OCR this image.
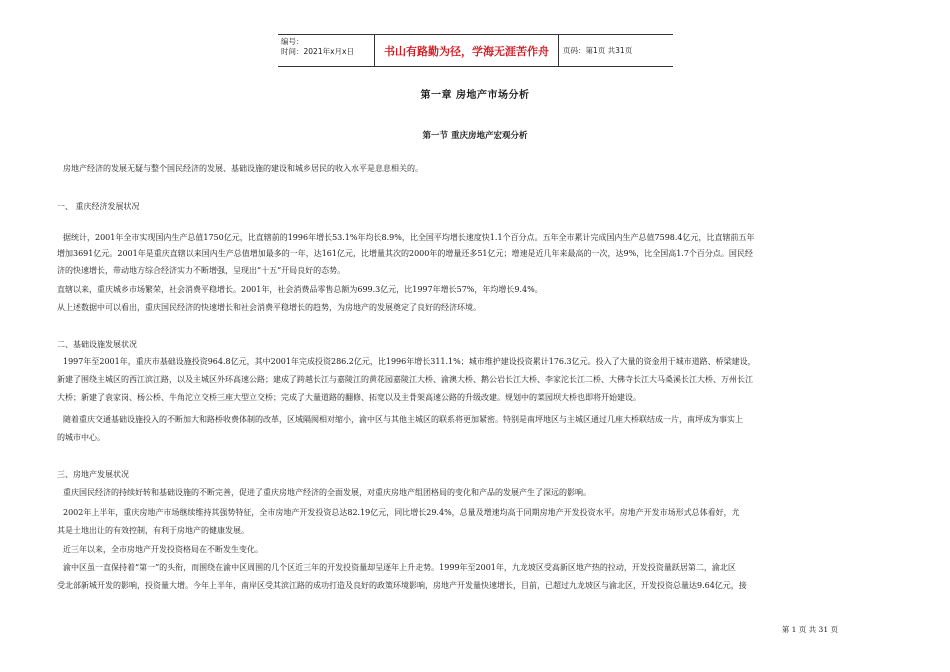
编号：
时间：2021年x月x日	书山有路勤为径，学海无涯苦作舟	页码：第1页 共31页
第一章 房地产市场分析
第一节 重庆房地产宏观分析
房地产经济的发展无疑与整个国民经济的发展、基础设施的建设和城乡居民的收入水平是息息相关的。
一、 重庆经济发展状况
据统计，2001年全市实现国内生产总值1750亿元，比直辖前的1996年增长53.1%年均长8.9%，比全国平均增长速度快1.1个百分点。五年全市累计完成国内生产总值7598.4亿元，比直辖前五年
增加3691亿元。2001年是重庆直辖以来国内生产总值增加最多的一年，达161亿元，比增量其次的2000年的增量还多51亿元；增速是近几年来最高的一次，达9%，比全国高1.7个百分点。国民经
济的快速增长，带动地方综合经济实力不断增强，呈现出“十五”开局良好的态势。
直辖以来，重庆城乡市场繁荣，社会消费平稳增长。2001年，社会消费品零售总额为699.3亿元，比1997年增长57%，年均增长9.4%。
从上述数据中可以看出，重庆国民经济的快速增长和社会消费平稳增长的趋势，为房地产的发展奠定了良好的经济环境。
二、基础设施发展状况
1997年至2001年，重庆市基础设施投资964.8亿元，其中2001年完成投资286.2亿元，比1996年增长311.1%；城市维护建设投资累计176.3亿元。投入了大量的资金用于城市道路、桥梁建设，
新建了围绕主城区的西江滨江路，以及主城区外环高速公路；建成了跨越长江与嘉陵江的黄花园嘉陵江大桥、渝澳大桥、鹅公岩长江大桥、李家沱长江二桥、大佛寺长江大马桑溪长江大桥、万州长江
大桥；新建了袁家岗、杨公桥、牛角沱立交桥三座大型立交桥；完成了大量道路的翻修、拓宽以及主骨架高速公路的升级改建。规划中的菜园坝大桥也即将开始建设。
随着重庆交通基础设施投入的不断加大和路桥收费体制的改革，区域隔阂相对缩小，渝中区与其他主城区的联系将更加紧密。特别是南坪地区与主城区通过几座大桥联结成一片，南坪成为事实上
的城市中心。
三、房地产发展状况
重庆国民经济的持续好转和基础设施的不断完善，促进了重庆房地产经济的全面发展，对重庆房地产组团格局的变化和产品的发展产生了深远的影响。
2002年上半年，重庆房地产市场继续维持其强势特征，全市房地产开发投资总达82.19亿元，同比增长29.4%，总量及增速均高于同期房地产开发投资水平。房地产开发市场形式总体看好，尤
其是土地出让的有效控制，有利于房地产的健康发展。
近三年以来，全市房地产开发投资格局在不断发生变化。
渝中区虽一直保持着“第一”的头衔，而围绕在渝中区周围的几个区近三年的开发投资量却呈逐年上升走势。1999年至2001年，九龙坡区受高新区地产热的拉动，开发投资量跃居第二，渝北区
受北部新城开发的影响，投资量大增。今年上半年，南岸区受其滨江路的成功打造及良好的政策环境影响，房地产开发量快速增长，目前，已超过九龙坡区与渝北区，开发投资总量达9.64亿元，接
第 1 页 共 31 页
